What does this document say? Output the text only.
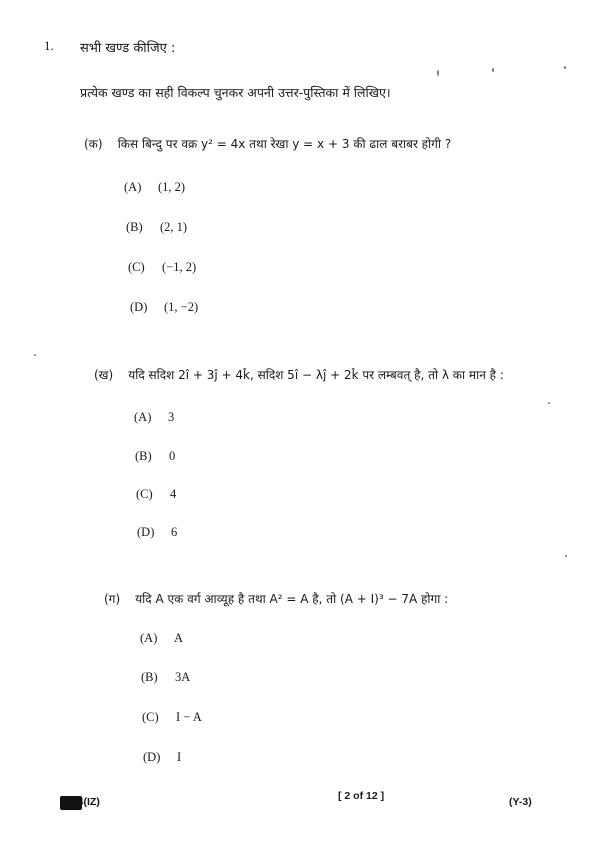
1. सभी खण्ड कीजिए :
प्रत्येक खण्ड का सही विकल्प चुनकर अपनी उत्तर-पुस्तिका में लिखिए।
(क) किस बिन्दु पर वक्र y² = 4x तथा रेखा y = x + 3 की ढाल बराबर होगी ?
(A) (1, 2)
(B) (2, 1)
(C) (−1, 2)
(D) (1, −2)
(ख) यदि सदिश 2î + 3ĵ + 4k̂, सदिश 5î − λĵ + 2k̂ पर लम्बवत् है, तो λ का मान है :
(A) 3
(B) 0
(C) 4
(D) 6
(ग) यदि A एक वर्ग आव्यूह है तथा A² = A है, तो (A + I)³ − 7A होगा :
(A) A
(B) 3A
(C) I − A
(D) I
324(IZ)	[ 2 of 12 ]	(Y-3)
